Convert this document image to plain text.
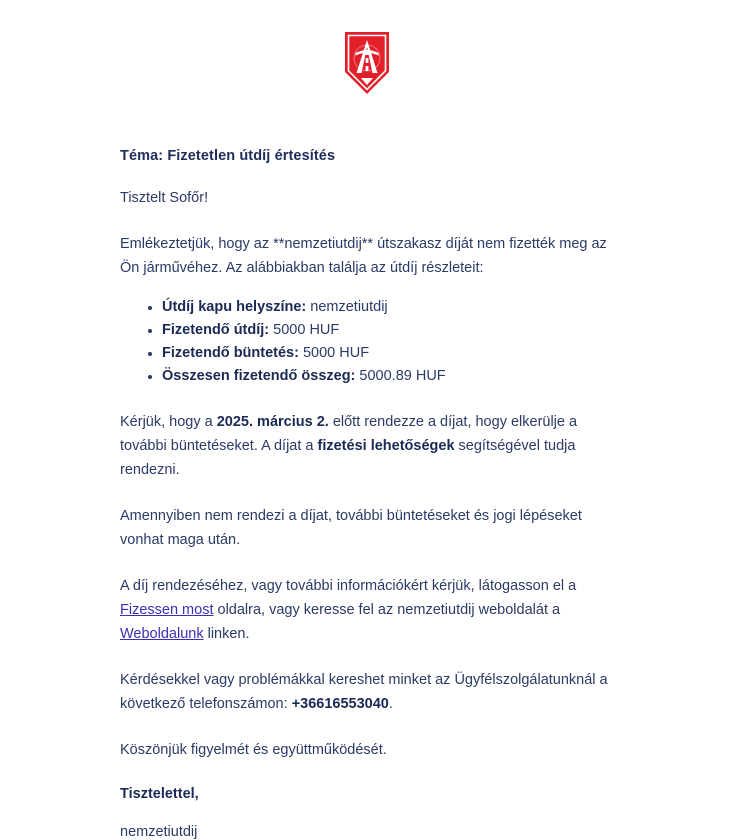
Téma: Fizetetlen útdíj értesítés

Tisztelt Sofőr!

Emlékeztetjük, hogy az **nemzetiutdij** útszakasz díját nem fizették meg az Ön járművéhez. Az alábbiakban találja az útdíj részleteit:

Útdíj kapu helyszíne: nemzetiutdij
Fizetendő útdíj: 5000 HUF
Fizetendő büntetés: 5000 HUF
Összesen fizetendő összeg: 5000.89 HUF

Kérjük, hogy a 2025. március 2. előtt rendezze a díjat, hogy elkerülje a további büntetéseket. A díjat a fizetési lehetőségek segítségével tudja rendezni.

Amennyiben nem rendezi a díjat, további büntetéseket és jogi lépéseket vonhat maga után.

A díj rendezéséhez, vagy további információkért kérjük, látogasson el a Fizessen most oldalra, vagy keresse fel az nemzetiutdij weboldalát a Weboldalunk linken.

Kérdésekkel vagy problémákkal kereshet minket az Ügyfélszolgálatunknál a következő telefonszámon: +36616553040.

Köszönjük figyelmét és együttműködését.

Tisztelettel,

nemzetiutdij
